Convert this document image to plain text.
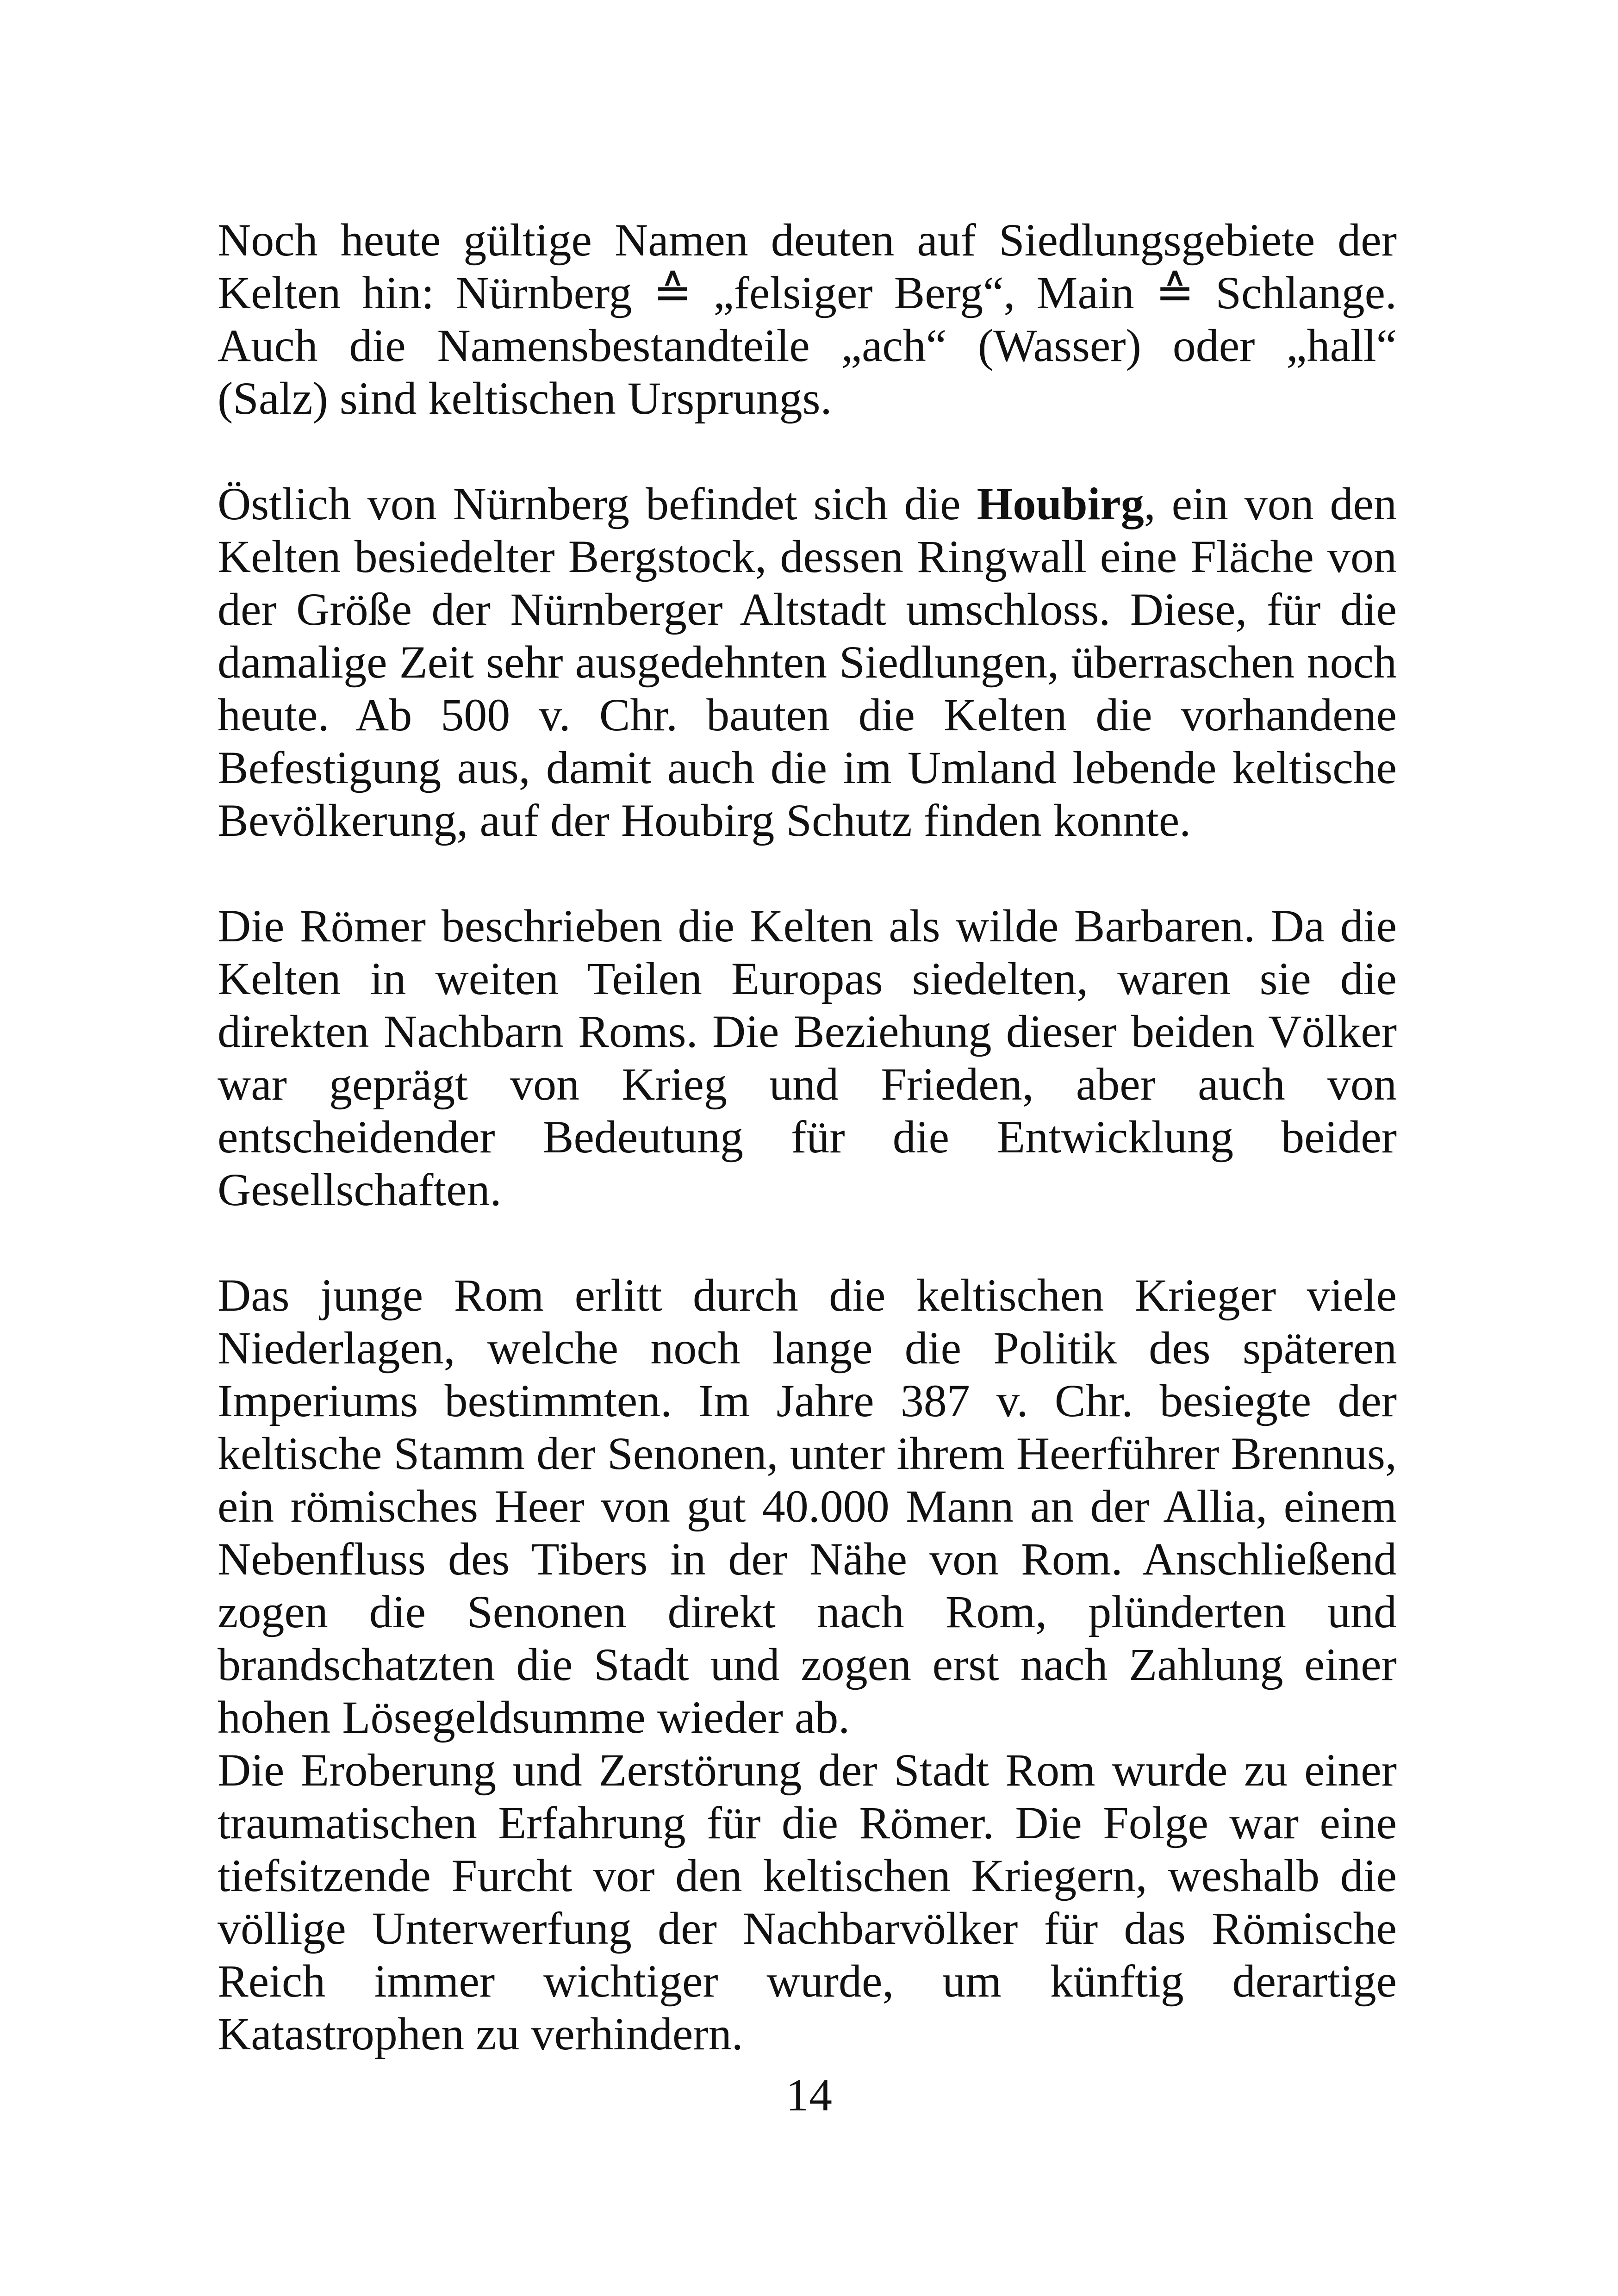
Noch heute gültige Namen deuten auf Siedlungsgebiete der Kelten hin: Nürnberg ≙ „felsiger Berg“, Main ≙ Schlange. Auch die Namensbestandteile „ach“ (Wasser) oder „hall“ (Salz) sind keltischen Ursprungs.

Östlich von Nürnberg befindet sich die Houbirg, ein von den Kelten besiedelter Bergstock, dessen Ringwall eine Fläche von der Größe der Nürnberger Altstadt umschloss. Diese, für die damalige Zeit sehr ausgedehnten Siedlungen, überraschen noch heute. Ab 500 v. Chr. bauten die Kelten die vorhandene Befestigung aus, damit auch die im Umland lebende keltische Bevölkerung, auf der Houbirg Schutz finden konnte.

Die Römer beschrieben die Kelten als wilde Barbaren. Da die Kelten in weiten Teilen Europas siedelten, waren sie die direkten Nachbarn Roms. Die Beziehung dieser beiden Völker war geprägt von Krieg und Frieden, aber auch von entscheidender Bedeutung für die Entwicklung beider Gesellschaften.

Das junge Rom erlitt durch die keltischen Krieger viele Niederlagen, welche noch lange die Politik des späteren Imperiums bestimmten. Im Jahre 387 v. Chr. besiegte der keltische Stamm der Senonen, unter ihrem Heerführer Brennus, ein römisches Heer von gut 40.000 Mann an der Allia, einem Nebenfluss des Tibers in der Nähe von Rom. Anschließend zogen die Senonen direkt nach Rom, plünderten und brandschatzten die Stadt und zogen erst nach Zahlung einer hohen Lösegeldsumme wieder ab.

Die Eroberung und Zerstörung der Stadt Rom wurde zu einer traumatischen Erfahrung für die Römer. Die Folge war eine tiefsitzende Furcht vor den keltischen Kriegern, weshalb die völlige Unterwerfung der Nachbarvölker für das Römische Reich immer wichtiger wurde, um künftig derartige Katastrophen zu verhindern.

14
